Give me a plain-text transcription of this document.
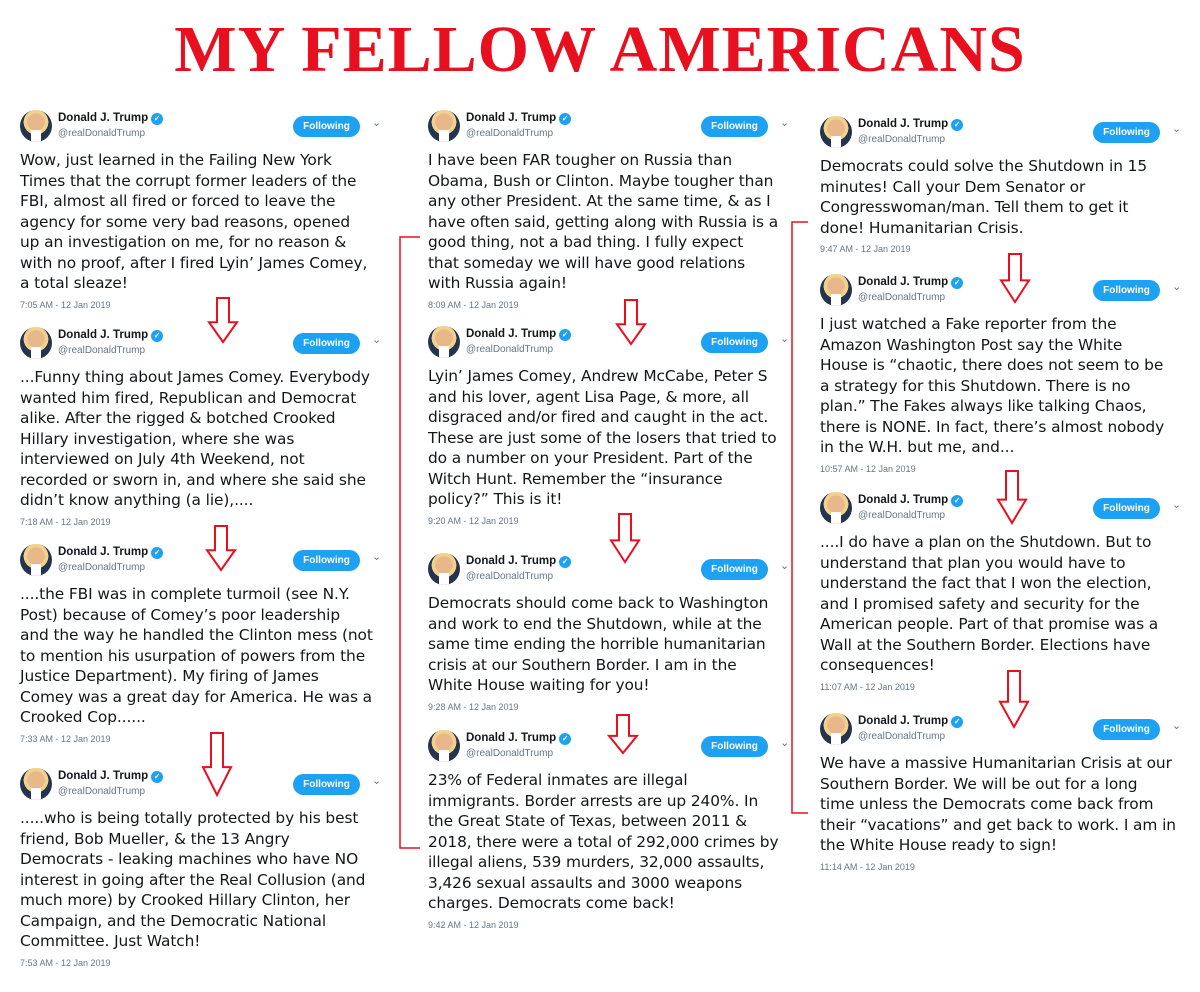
MY FELLOW AMERICANS
Donald J. Trump ✓
@realDonaldTrump
Following	⌄
Wow, just learned in the Failing New York
Times that the corrupt former leaders of the
FBI, almost all fired or forced to leave the
agency for some very bad reasons, opened
up an investigation on me, for no reason &
with no proof, after I fired Lyin’ James Comey,
a total sleaze!
7:05 AM - 12 Jan 2019
Donald J. Trump ✓
@realDonaldTrump
Following	⌄
...Funny thing about James Comey. Everybody
wanted him fired, Republican and Democrat
alike. After the rigged & botched Crooked
Hillary investigation, where she was
interviewed on July 4th Weekend, not
recorded or sworn in, and where she said she
didn’t know anything (a lie),....
7:18 AM - 12 Jan 2019
Donald J. Trump ✓
@realDonaldTrump
Following	⌄
....the FBI was in complete turmoil (see N.Y.
Post) because of Comey’s poor leadership
and the way he handled the Clinton mess (not
to mention his usurpation of powers from the
Justice Department). My firing of James
Comey was a great day for America. He was a
Crooked Cop......
7:33 AM - 12 Jan 2019
Donald J. Trump ✓
@realDonaldTrump
Following	⌄
.....who is being totally protected by his best
friend, Bob Mueller, & the 13 Angry
Democrats - leaking machines who have NO
interest in going after the Real Collusion (and
much more) by Crooked Hillary Clinton, her
Campaign, and the Democratic National
Committee. Just Watch!
7:53 AM - 12 Jan 2019
Donald J. Trump ✓
@realDonaldTrump
Following	⌄
I have been FAR tougher on Russia than
Obama, Bush or Clinton. Maybe tougher than
any other President. At the same time, & as I
have often said, getting along with Russia is a
good thing, not a bad thing. I fully expect
that someday we will have good relations
with Russia again!
8:09 AM - 12 Jan 2019
Donald J. Trump ✓
@realDonaldTrump
Following	⌄
Lyin’ James Comey, Andrew McCabe, Peter S
and his lover, agent Lisa Page, & more, all
disgraced and/or fired and caught in the act.
These are just some of the losers that tried to
do a number on your President. Part of the
Witch Hunt. Remember the “insurance
policy?” This is it!
9:20 AM - 12 Jan 2019
Donald J. Trump ✓
@realDonaldTrump
Following	⌄
Democrats should come back to Washington
and work to end the Shutdown, while at the
same time ending the horrible humanitarian
crisis at our Southern Border. I am in the
White House waiting for you!
9:28 AM - 12 Jan 2019
Donald J. Trump ✓
@realDonaldTrump
Following	⌄
23% of Federal inmates are illegal
immigrants. Border arrests are up 240%. In
the Great State of Texas, between 2011 &
2018, there were a total of 292,000 crimes by
illegal aliens, 539 murders, 32,000 assaults,
3,426 sexual assaults and 3000 weapons
charges. Democrats come back!
9:42 AM - 12 Jan 2019
Donald J. Trump ✓
@realDonaldTrump
Following	⌄
Democrats could solve the Shutdown in 15
minutes! Call your Dem Senator or
Congresswoman/man. Tell them to get it
done! Humanitarian Crisis.
9:47 AM - 12 Jan 2019
Donald J. Trump ✓
@realDonaldTrump
Following	⌄
I just watched a Fake reporter from the
Amazon Washington Post say the White
House is “chaotic, there does not seem to be
a strategy for this Shutdown. There is no
plan.” The Fakes always like talking Chaos,
there is NONE. In fact, there’s almost nobody
in the W.H. but me, and...
10:57 AM - 12 Jan 2019
Donald J. Trump ✓
@realDonaldTrump
Following	⌄
....I do have a plan on the Shutdown. But to
understand that plan you would have to
understand the fact that I won the election,
and I promised safety and security for the
American people. Part of that promise was a
Wall at the Southern Border. Elections have
consequences!
11:07 AM - 12 Jan 2019
Donald J. Trump ✓
@realDonaldTrump
Following	⌄
We have a massive Humanitarian Crisis at our
Southern Border. We will be out for a long
time unless the Democrats come back from
their “vacations” and get back to work. I am in
the White House ready to sign!
11:14 AM - 12 Jan 2019
